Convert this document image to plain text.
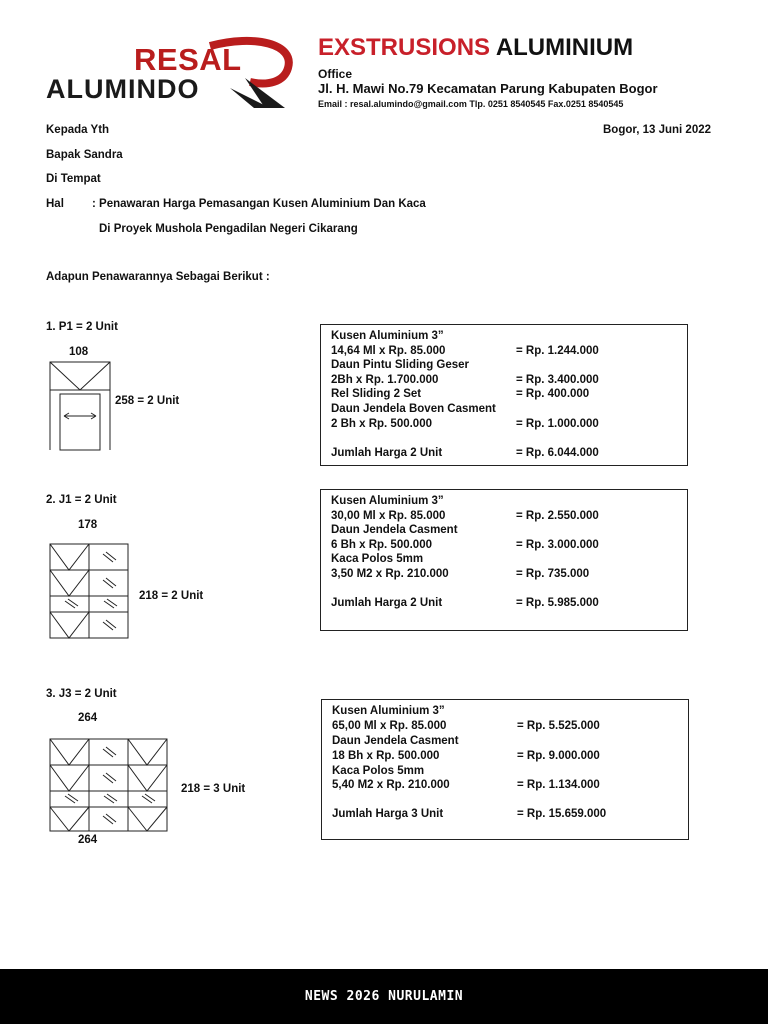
RESAL
ALUMINDO
EXSTRUSIONS ALUMINIUM
Office
Jl. H. Mawi No.79 Kecamatan Parung Kabupaten Bogor
Email : resal.alumindo@gmail.com Tlp. 0251 8540545 Fax.0251 8540545
Kepada Yth	Bogor, 13 Juni 2022
Bapak Sandra
Di Tempat
Hal : Penawaran Harga Pemasangan Kusen Aluminium Dan Kaca
Di Proyek Mushola Pengadilan Negeri Cikarang
Adapun Penawarannya Sebagai Berikut :
1. P1 = 2 Unit
108
258 = 2 Unit
Kusen Aluminium 3”
14,64 Ml x Rp. 85.000	= Rp. 1.244.000
Daun Pintu Sliding Geser
2Bh x Rp. 1.700.000	= Rp. 3.400.000
Rel Sliding 2 Set	= Rp. 400.000
Daun Jendela Boven Casment
2 Bh x Rp. 500.000	= Rp. 1.000.000
Jumlah Harga 2 Unit	= Rp. 6.044.000
2. J1 = 2 Unit
178
218 = 2 Unit
Kusen Aluminium 3”
30,00 Ml x Rp. 85.000	= Rp. 2.550.000
Daun Jendela Casment
6 Bh x Rp. 500.000	= Rp. 3.000.000
Kaca Polos 5mm
3,50 M2 x Rp. 210.000	= Rp. 735.000
Jumlah Harga 2 Unit	= Rp. 5.985.000
3. J3 = 2 Unit
264
218 = 3 Unit
264
Kusen Aluminium 3”
65,00 Ml x Rp. 85.000	= Rp. 5.525.000
Daun Jendela Casment
18 Bh x Rp. 500.000	= Rp. 9.000.000
Kaca Polos 5mm
5,40 M2 x Rp. 210.000	= Rp. 1.134.000
Jumlah Harga 3 Unit	= Rp. 15.659.000
NEWS 2026 NURULAMIN
